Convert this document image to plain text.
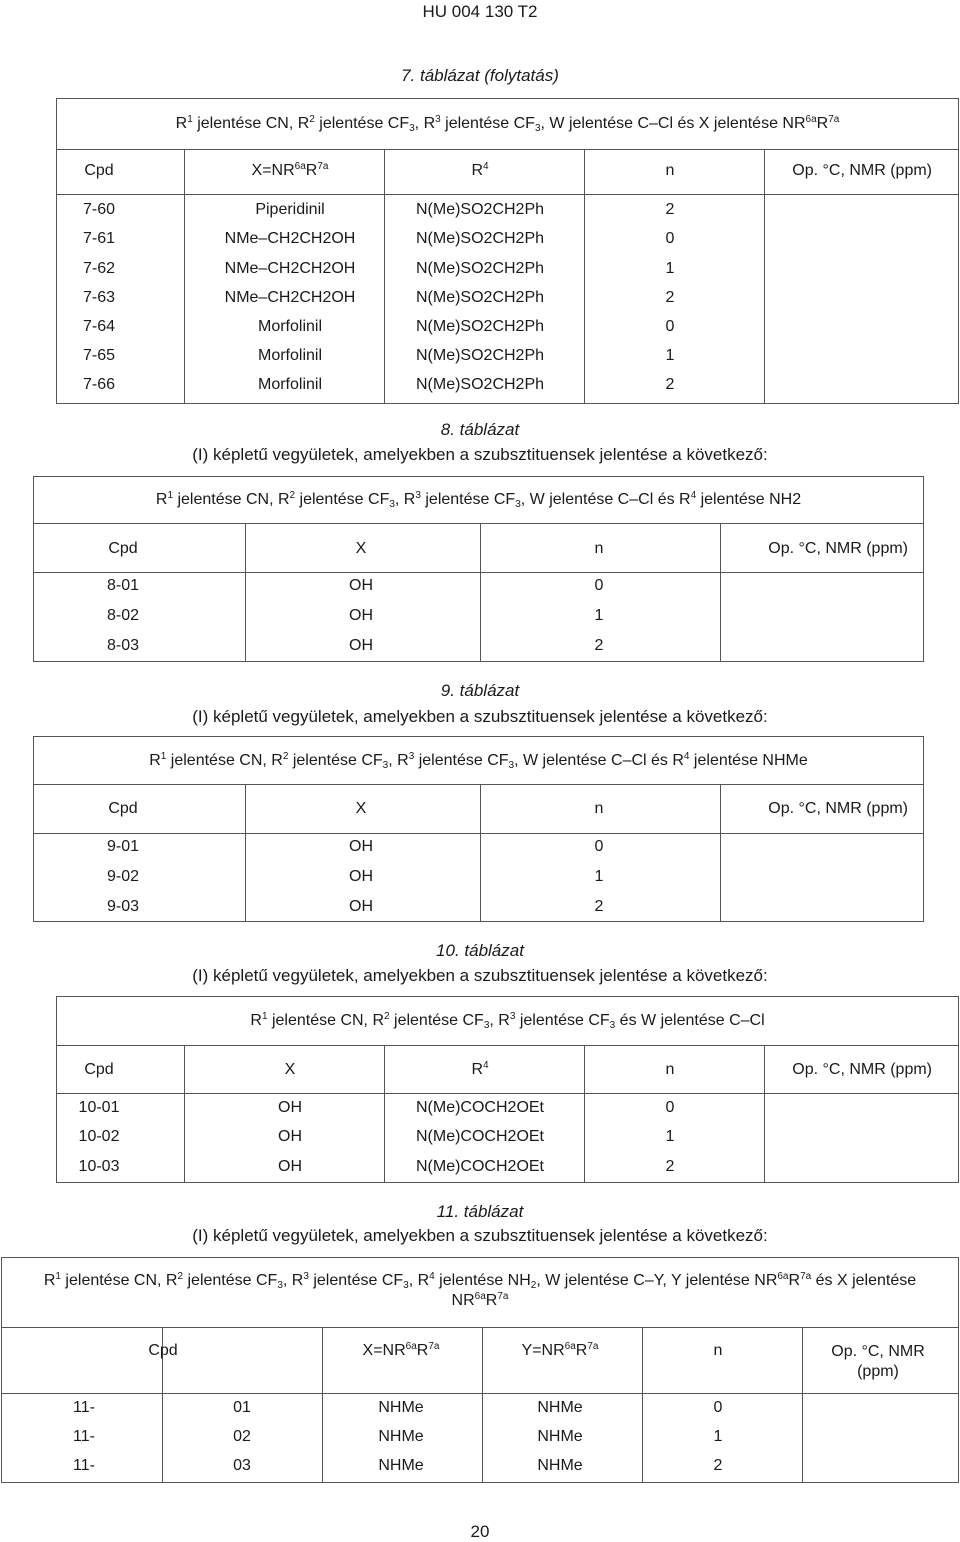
HU 004 130 T2
7. táblázat (folytatás)
$R^1$ jelentése CN, $R^2$ jelentése $CF_3$, $R^3$ jelentése $CF_3$, W jelentése C–Cl és X jelentése $NR^{6a}R^{7a}$
Cpd	$X=NR^{6a}R^{7a}$	$R^4$	n	Op. °C, NMR (ppm)
7-60	Piperidinil	N(Me)SO2CH2Ph	2
7-61	NMe–CH2CH2OH	N(Me)SO2CH2Ph	0
7-62	NMe–CH2CH2OH	N(Me)SO2CH2Ph	1
7-63	NMe–CH2CH2OH	N(Me)SO2CH2Ph	2
7-64	Morfolinil	N(Me)SO2CH2Ph	0
7-65	Morfolinil	N(Me)SO2CH2Ph	1
7-66	Morfolinil	N(Me)SO2CH2Ph	2
8. táblázat
(I) képletű vegyületek, amelyekben a szubsztituensek jelentése a következő:
$R^1$ jelentése CN, $R^2$ jelentése $CF_3$, $R^3$ jelentése $CF_3$, W jelentése C–Cl és $R^4$ jelentése NH2
Cpd	X	n	Op. °C, NMR (ppm)
8-01	OH	0
8-02	OH	1
8-03	OH	2
9. táblázat
(I) képletű vegyületek, amelyekben a szubsztituensek jelentése a következő:
$R^1$ jelentése CN, $R^2$ jelentése $CF_3$, $R^3$ jelentése $CF_3$, W jelentése C–Cl és $R^4$ jelentése NHMe
Cpd	X	n	Op. °C, NMR (ppm)
9-01	OH	0
9-02	OH	1
9-03	OH	2
10. táblázat
(I) képletű vegyületek, amelyekben a szubsztituensek jelentése a következő:
$R^1$ jelentése CN, $R^2$ jelentése $CF_3$, $R^3$ jelentése $CF_3$ és W jelentése C–Cl
Cpd	X	$R^4$	n	Op. °C, NMR (ppm)
10-01	OH	N(Me)COCH2OEt	0
10-02	OH	N(Me)COCH2OEt	1
10-03	OH	N(Me)COCH2OEt	2
11. táblázat
(I) képletű vegyületek, amelyekben a szubsztituensek jelentése a következő:
$R^1$ jelentése CN, $R^2$ jelentése $CF_3$, $R^3$ jelentése $CF_3$, $R^4$ jelentése $NH_2$, W jelentése C–Y, Y jelentése $NR^{6a}R^{7a}$ és X jelentése
$NR^{6a}R^{7a}$
Cpd	$X=NR^{6a}R^{7a}$	$Y=NR^{6a}R^{7a}$	n	Op. °C, NMR
(ppm)
11-	01	NHMe	NHMe	0
11-	02	NHMe	NHMe	1
11-	03	NHMe	NHMe	2
20
